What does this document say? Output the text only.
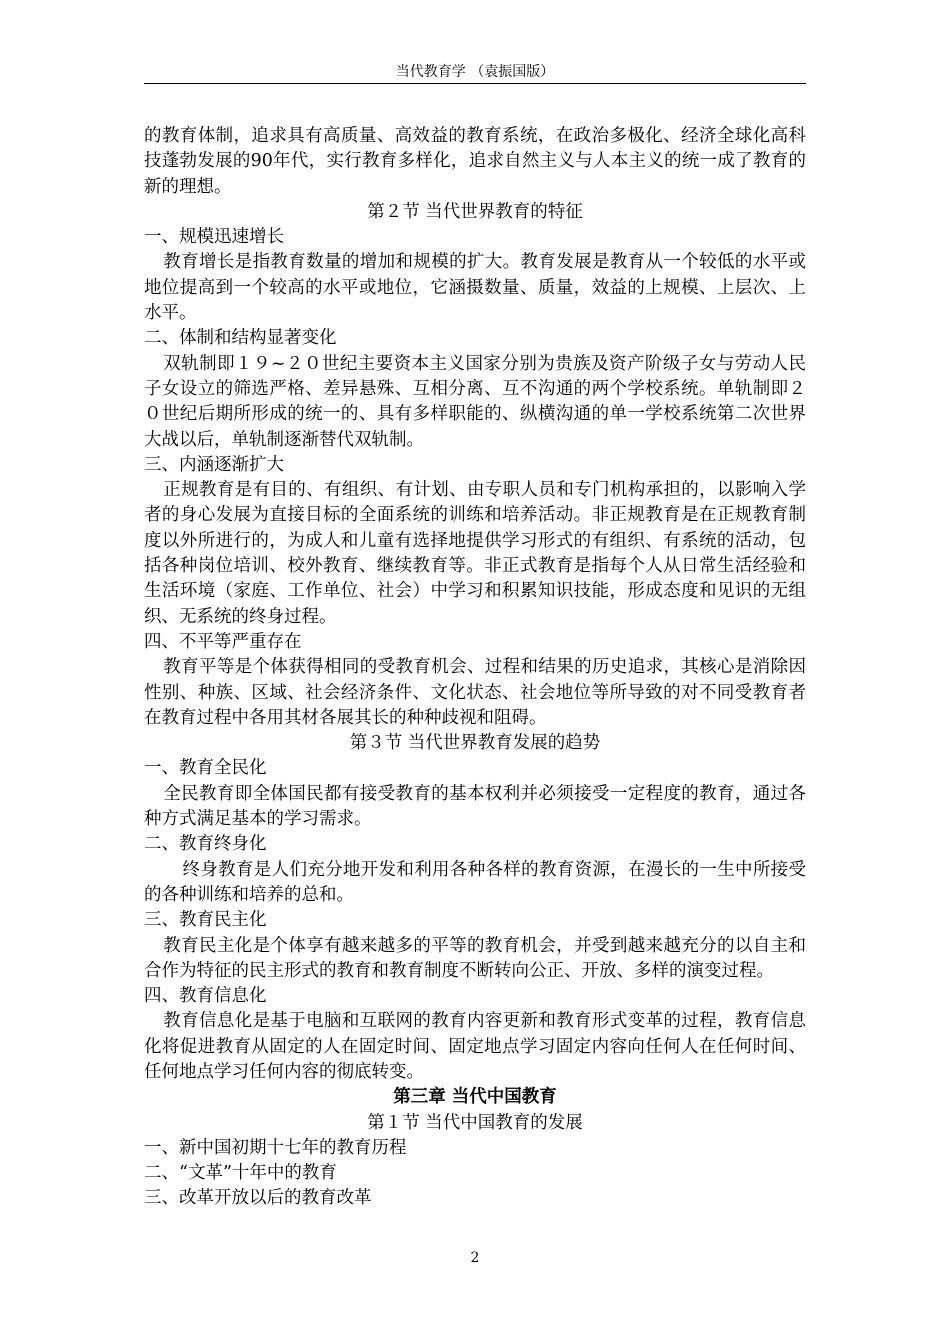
当代教育学 （袁振国版）

的教育体制，追求具有高质量、高效益的教育系统，在政治多极化、经济全球化高科技蓬勃发展的90年代，实行教育多样化，追求自然主义与人本主义的统一成了教育的新的理想。

第２节 当代世界教育的特征

一、规模迅速增长

教育增长是指教育数量的增加和规模的扩大。教育发展是教育从一个较低的水平或地位提高到一个较高的水平或地位，它涵摄数量、质量，效益的上规模、上层次、上水平。

二、体制和结构显著变化

双轨制即１９~２０世纪主要资本主义国家分别为贵族及资产阶级子女与劳动人民子女设立的筛选严格、差异悬殊、互相分离、互不沟通的两个学校系统。单轨制即２０世纪后期所形成的统一的、具有多样职能的、纵横沟通的单一学校系统第二次世界大战以后，单轨制逐渐替代双轨制。

三、内涵逐渐扩大

正规教育是有目的、有组织、有计划、由专职人员和专门机构承担的，以影响入学者的身心发展为直接目标的全面系统的训练和培养活动。非正规教育是在正规教育制度以外所进行的，为成人和儿童有选择地提供学习形式的有组织、有系统的活动，包括各种岗位培训、校外教育、继续教育等。非正式教育是指每个人从日常生活经验和生活环境（家庭、工作单位、社会）中学习和积累知识技能，形成态度和见识的无组织、无系统的终身过程。

四、不平等严重存在

教育平等是个体获得相同的受教育机会、过程和结果的历史追求，其核心是消除因性别、种族、区域、社会经济条件、文化状态、社会地位等所导致的对不同受教育者在教育过程中各用其材各展其长的种种歧视和阻碍。

第３节 当代世界教育发展的趋势

一、教育全民化

全民教育即全体国民都有接受教育的基本权利并必须接受一定程度的教育，通过各种方式满足基本的学习需求。

二、教育终身化

终身教育是人们充分地开发和利用各种各样的教育资源，在漫长的一生中所接受的各种训练和培养的总和。

三、教育民主化

教育民主化是个体享有越来越多的平等的教育机会，并受到越来越充分的以自主和合作为特征的民主形式的教育和教育制度不断转向公正、开放、多样的演变过程。

四、教育信息化

教育信息化是基于电脑和互联网的教育内容更新和教育形式变革的过程，教育信息化将促进教育从固定的人在固定时间、固定地点学习固定内容向任何人在任何时间、任何地点学习任何内容的彻底转变。

第三章 当代中国教育

第１节 当代中国教育的发展

一、新中国初期十七年的教育历程

二、“文革”十年中的教育

三、改革开放以后的教育改革

2
